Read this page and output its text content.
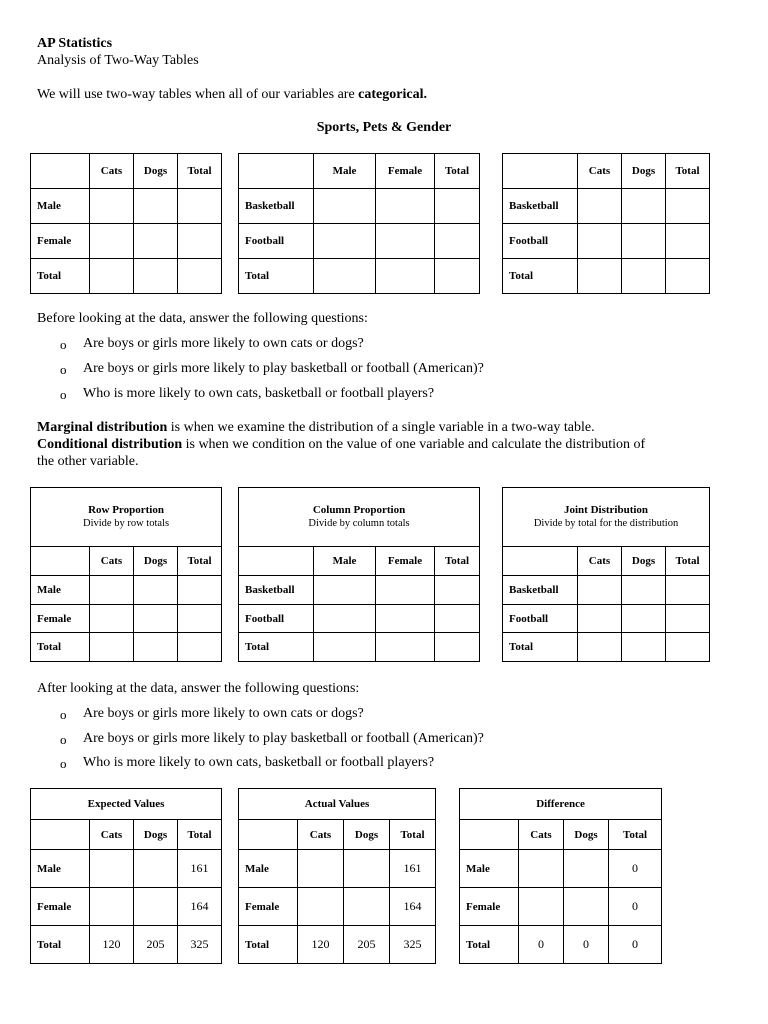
AP Statistics
Analysis of Two-Way Tables
We will use two-way tables when all of our variables are categorical.
Sports, Pets & Gender
	Cats	Dogs	Total
Male			
Female			
Total			
	Male	Female	Total
Basketball			
Football			
Total			
	Cats	Dogs	Total
Basketball			
Football			
Total			
Before looking at the data, answer the following questions:
o Are boys or girls more likely to own cats or dogs?
o Are boys or girls more likely to play basketball or football (American)?
o Who is more likely to own cats, basketball or football players?
Marginal distribution is when we examine the distribution of a single variable in a two-way table.
Conditional distribution is when we condition on the value of one variable and calculate the distribution of
the other variable.
Row Proportion
Divide by row totals			

	Cats	Dogs	Total
Male			
Female			
Total			
Column Proportion
Divide by column totals			

	Male	Female	Total
Basketball			
Football			
Total			
Joint Distribution
Divide by total for the distribution			

	Cats	Dogs	Total
Basketball			
Football			
Total			
After looking at the data, answer the following questions:
o Are boys or girls more likely to own cats or dogs?
o Are boys or girls more likely to play basketball or football (American)?
o Who is more likely to own cats, basketball or football players?
Expected Values			
	Cats	Dogs	Total
Male			161
Female			164
Total	120	205	325
Actual Values			
	Cats	Dogs	Total
Male			161
Female			164
Total	120	205	325
Difference			
	Cats	Dogs	Total
Male			0
Female			0
Total	0	0	0
